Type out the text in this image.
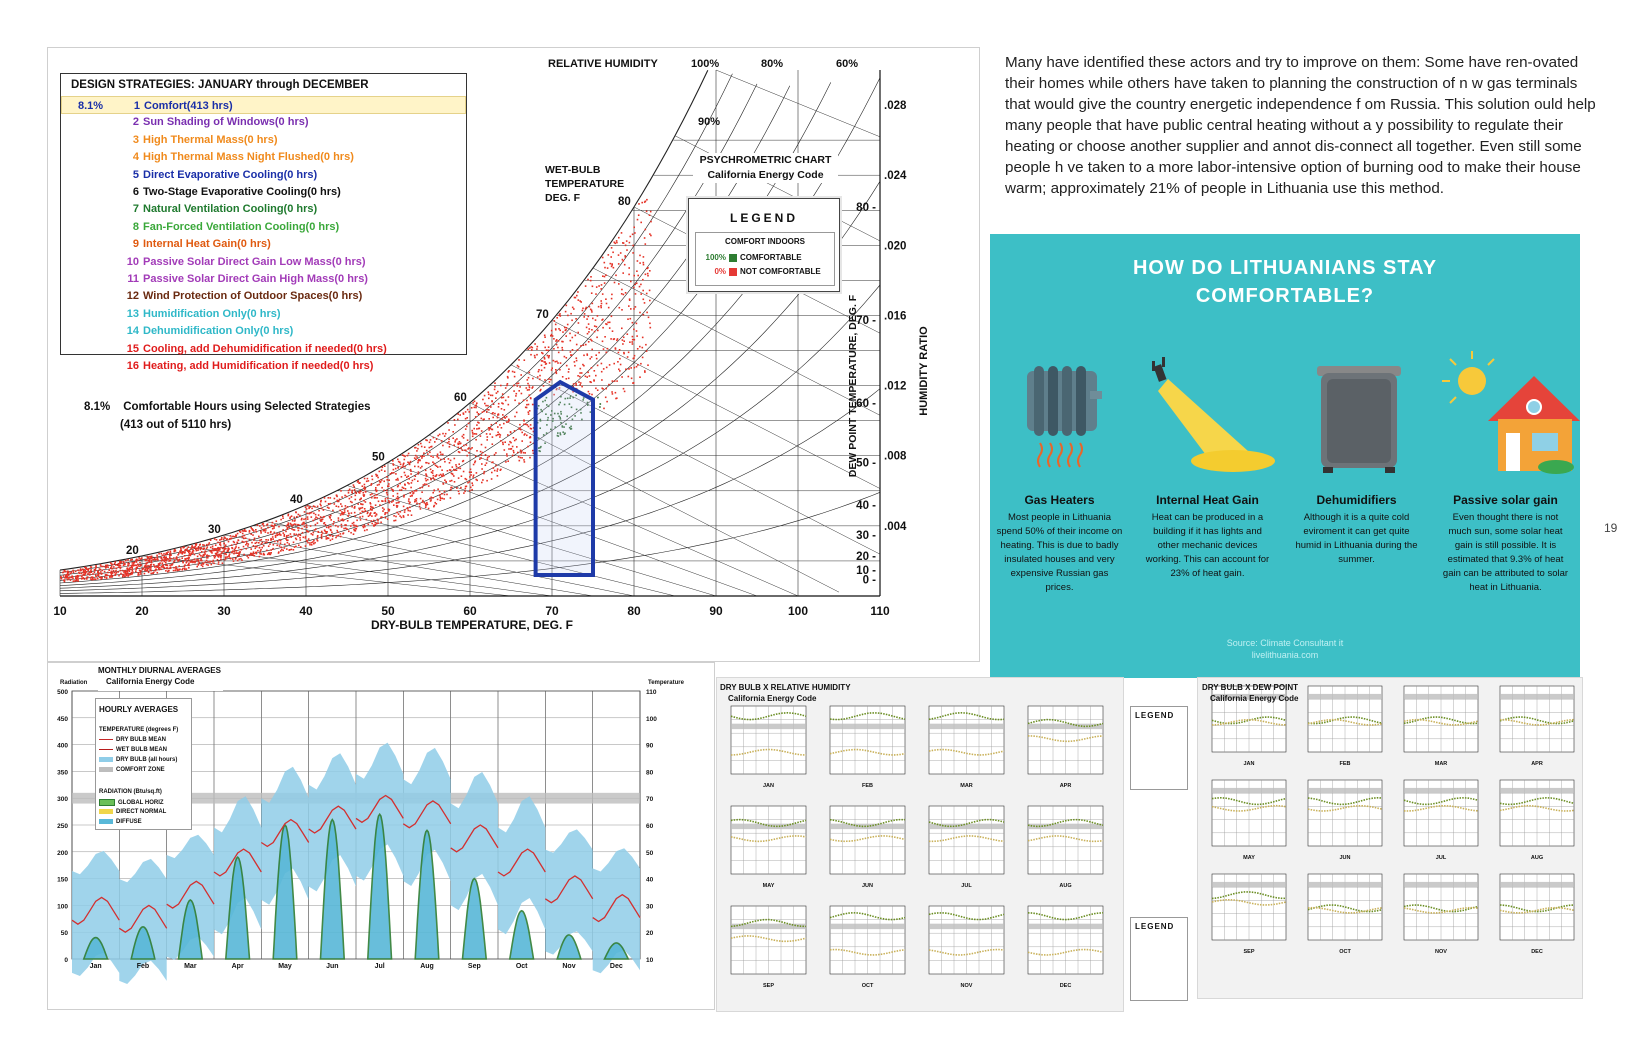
10	20	30	40	50	60	70	80	90	100	110
.028
.024
.020
.016
.012
.008
.004
80 -
70 -
60 -
50 -
40 -
30 -
20 -
10 -
0 -
80
70
60
50
40
30
20
DESIGN STRATEGIES: JANUARY through DECEMBER
8.1%	1 Comfort(413 hrs)
2 Sun Shading of Windows(0 hrs)
3 High Thermal Mass(0 hrs)
4 High Thermal Mass Night Flushed(0 hrs)
5 Direct Evaporative Cooling(0 hrs)
6 Two-Stage Evaporative Cooling(0 hrs)
7 Natural Ventilation Cooling(0 hrs)
8 Fan-Forced Ventilation Cooling(0 hrs)
9 Internal Heat Gain(0 hrs)
10 Passive Solar Direct Gain Low Mass(0 hrs)
11 Passive Solar Direct Gain High Mass(0 hrs)
12 Wind Protection of Outdoor Spaces(0 hrs)
13 Humidification Only(0 hrs)
14 Dehumidification Only(0 hrs)
15 Cooling, add Dehumidification if needed(0 hrs)
16 Heating, add Humidification if needed(0 hrs)
8.1% Comfortable Hours using Selected Strategies
(413 out of 5110 hrs)
RELATIVE HUMIDITY	100%	80%	60%
90%
WET-BULB
TEMPERATURE
DEG. F
PSYCHROMETRIC CHART
California Energy Code
LEGEND
COMFORT INDOORS
100% COMFORTABLE
0% NOT COMFORTABLE
DRY-BULB TEMPERATURE, DEG. F
DEW POINT TEMPERATURE, DEG. F	HUMIDITY RATIO
Many have identified these actors and try to improve on them: Some have ren-ovated their homes while others have taken to planning the construction of n w gas terminals that would give the country energetic independence f om Russia. This solution ould help many people that have public central heating without a y possibility to regulate their heating or choose another supplier and annot dis-connect all together. Even still some people h ve taken to a more labor-intensive option of burning ood to make their house warm; approximately 21% of people in Lithuania use this method.
HOW DO LITHUANIANS STAY
COMFORTABLE?
Gas Heaters
Most people in Lithuania spend 50% of their income on heating. This is due to badly insulated houses and very expensive Russian gas prices.
Internal Heat Gain
Heat can be produced in a building if it has lights and other mechanic devices working. This can account for 23% of heat gain.
Dehumidifiers
Although it is a quite cold eviroment it can get quite humid in Lithuania during the summer.
Passive solar gain
Even thought there is not much sun, some solar heat gain is still possible. It is estimated that 9.3% of heat gain can be attributed to solar heat in Lithuania.
Source: Climate Consultant it
livelithuania.com
19
500
450
400
350
300
250
200
150
100
50
0
110
100
90
80
70
60
50
40
30
20
10
Jan	Feb	Mar	Apr	May	Jun	Jul	Aug	Sep	Oct	Nov	Dec
MONTHLY DIURNAL AVERAGES
California Energy Code
Radiation	Temperature
HOURLY AVERAGES
TEMPERATURE (degrees F)
DRY BULB MEAN
WET BULB MEAN
DRY BULB (all hours)
COMFORT ZONE
RADIATION (Btu/sq.ft)
GLOBAL HORIZ
DIRECT NORMAL
DIFFUSE
JAN	FEB	MAR	APR
MAY	JUN	JUL	AUG
SEP	OCT	NOV	DEC
DRY BULB X RELATIVE HUMIDITY
California Energy Code
LEGEND
JAN	FEB	MAR	APR
MAY	JUN	JUL	AUG
SEP	OCT	NOV	DEC
DRY BULB X DEW POINT
California Energy Code
LEGEND
